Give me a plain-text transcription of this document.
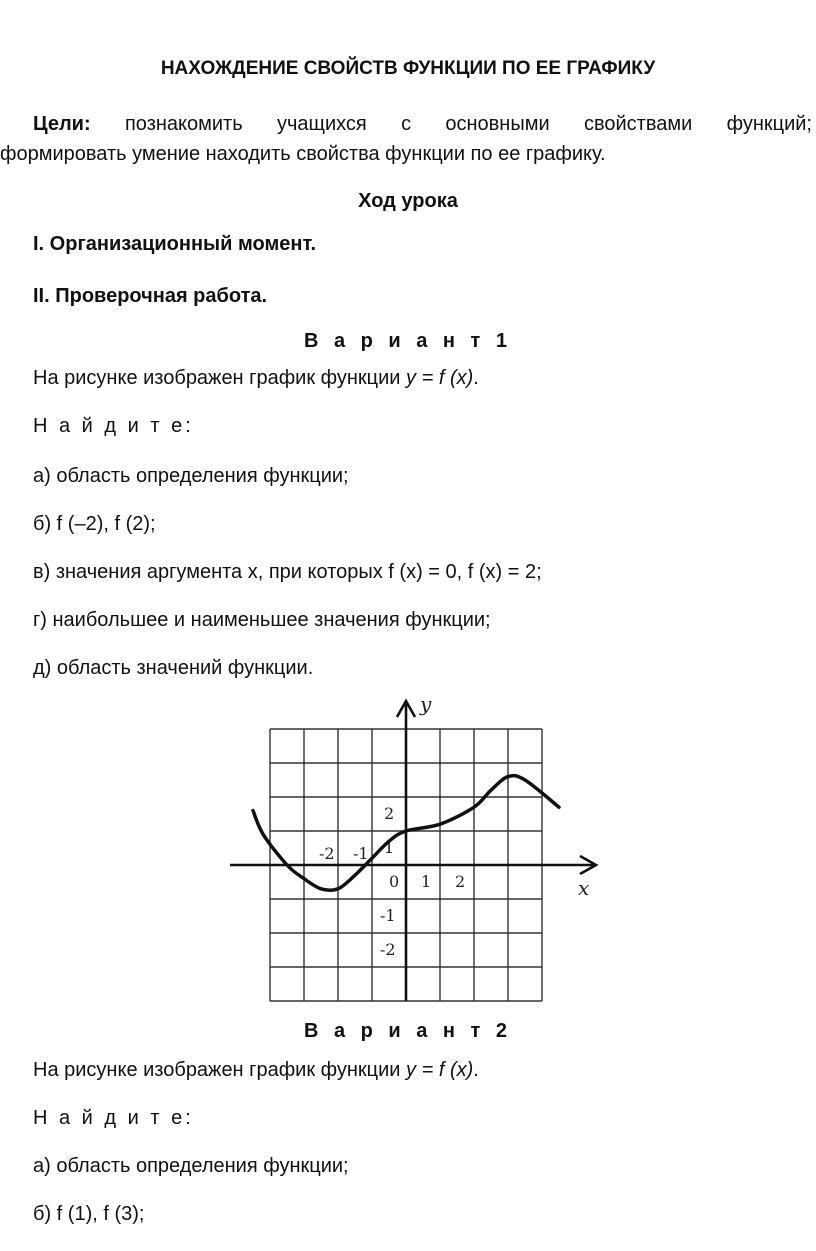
НАХОЖДЕНИЕ СВОЙСТВ ФУНКЦИИ ПО ЕЕ ГРАФИКУ
Цели: познакомить учащихся с основными свойствами функций;
формировать умение находить свойства функции по ее графику.
Ход урока
I. Организационный момент.
II. Проверочная работа.
В а р и а н т 1
На рисунке изображен график функции y = f (x).
Н а й д и т е:
а) область определения функции;
б) f (–2), f (2);
в) значения аргумента x, при которых f (x) = 0, f (x) = 2;
г) наибольшее и наименьшее значения функции;
д) область значений функции.
x
y
-2 -1
0 1 2
2
1
-1
-2
В а р и а н т 2
На рисунке изображен график функции y = f (x).
Н а й д и т е:
а) область определения функции;
б) f (1), f (3);
